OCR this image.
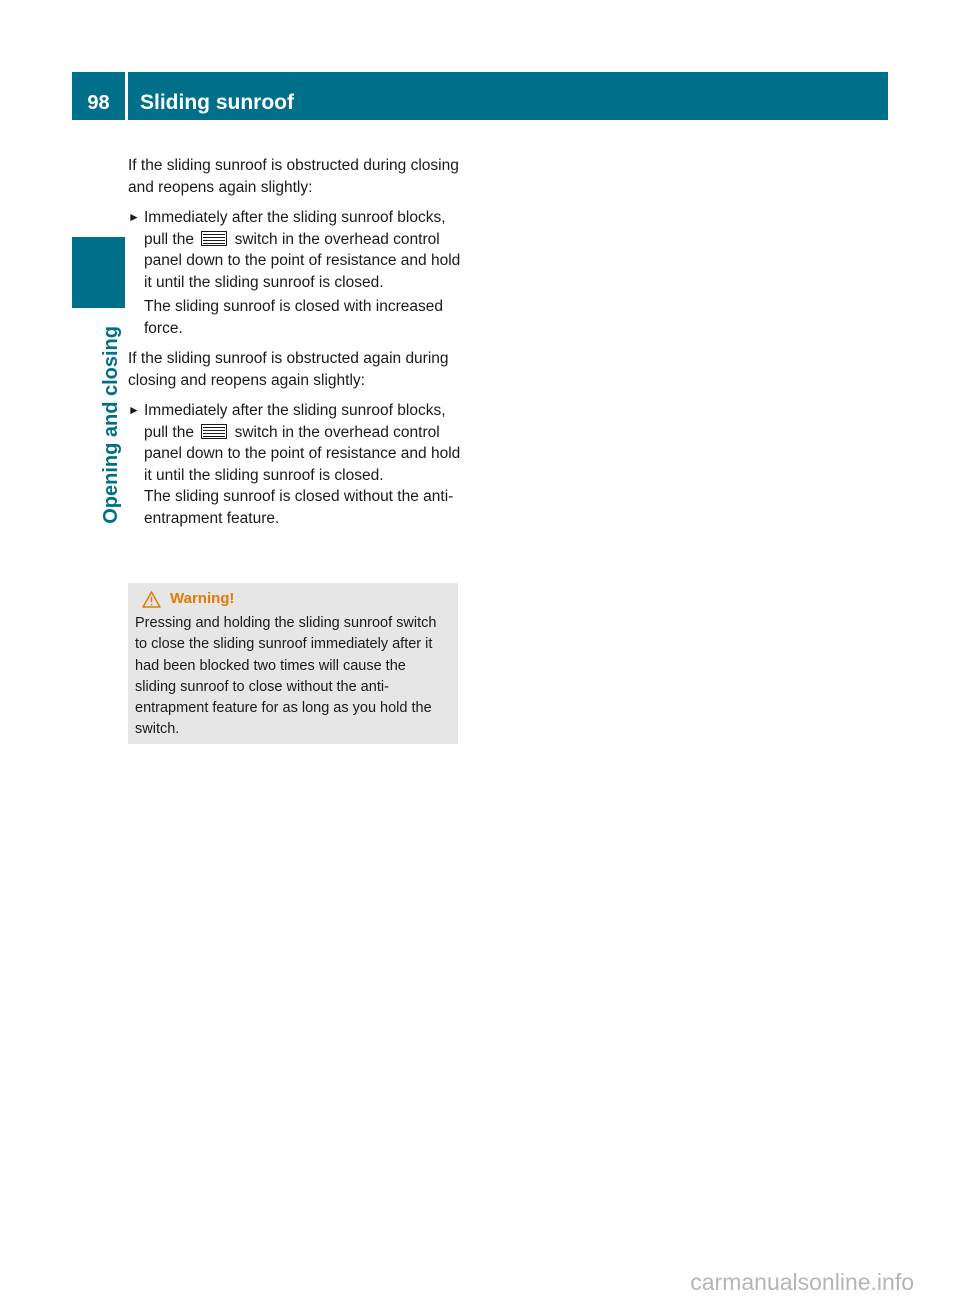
98	Sliding sunroof
Opening and closing

If the sliding sunroof is obstructed during closing and reopens again slightly:

► Immediately after the sliding sunroof blocks, pull the	switch in the overhead control panel down to the point of resistance and hold it until the sliding sunroof is closed.
The sliding sunroof is closed with increased force.

If the sliding sunroof is obstructed again during closing and reopens again slightly:

► Immediately after the sliding sunroof blocks, pull the	switch in the overhead control panel down to the point of resistance and hold it until the sliding sunroof is closed.
The sliding sunroof is closed without the anti-entrapment feature.
Warning!
Pressing and holding the sliding sunroof switch to close the sliding sunroof immediately after it had been blocked two times will cause the sliding sunroof to close without the anti-entrapment feature for as long as you hold the switch.
carmanualsonline.info
